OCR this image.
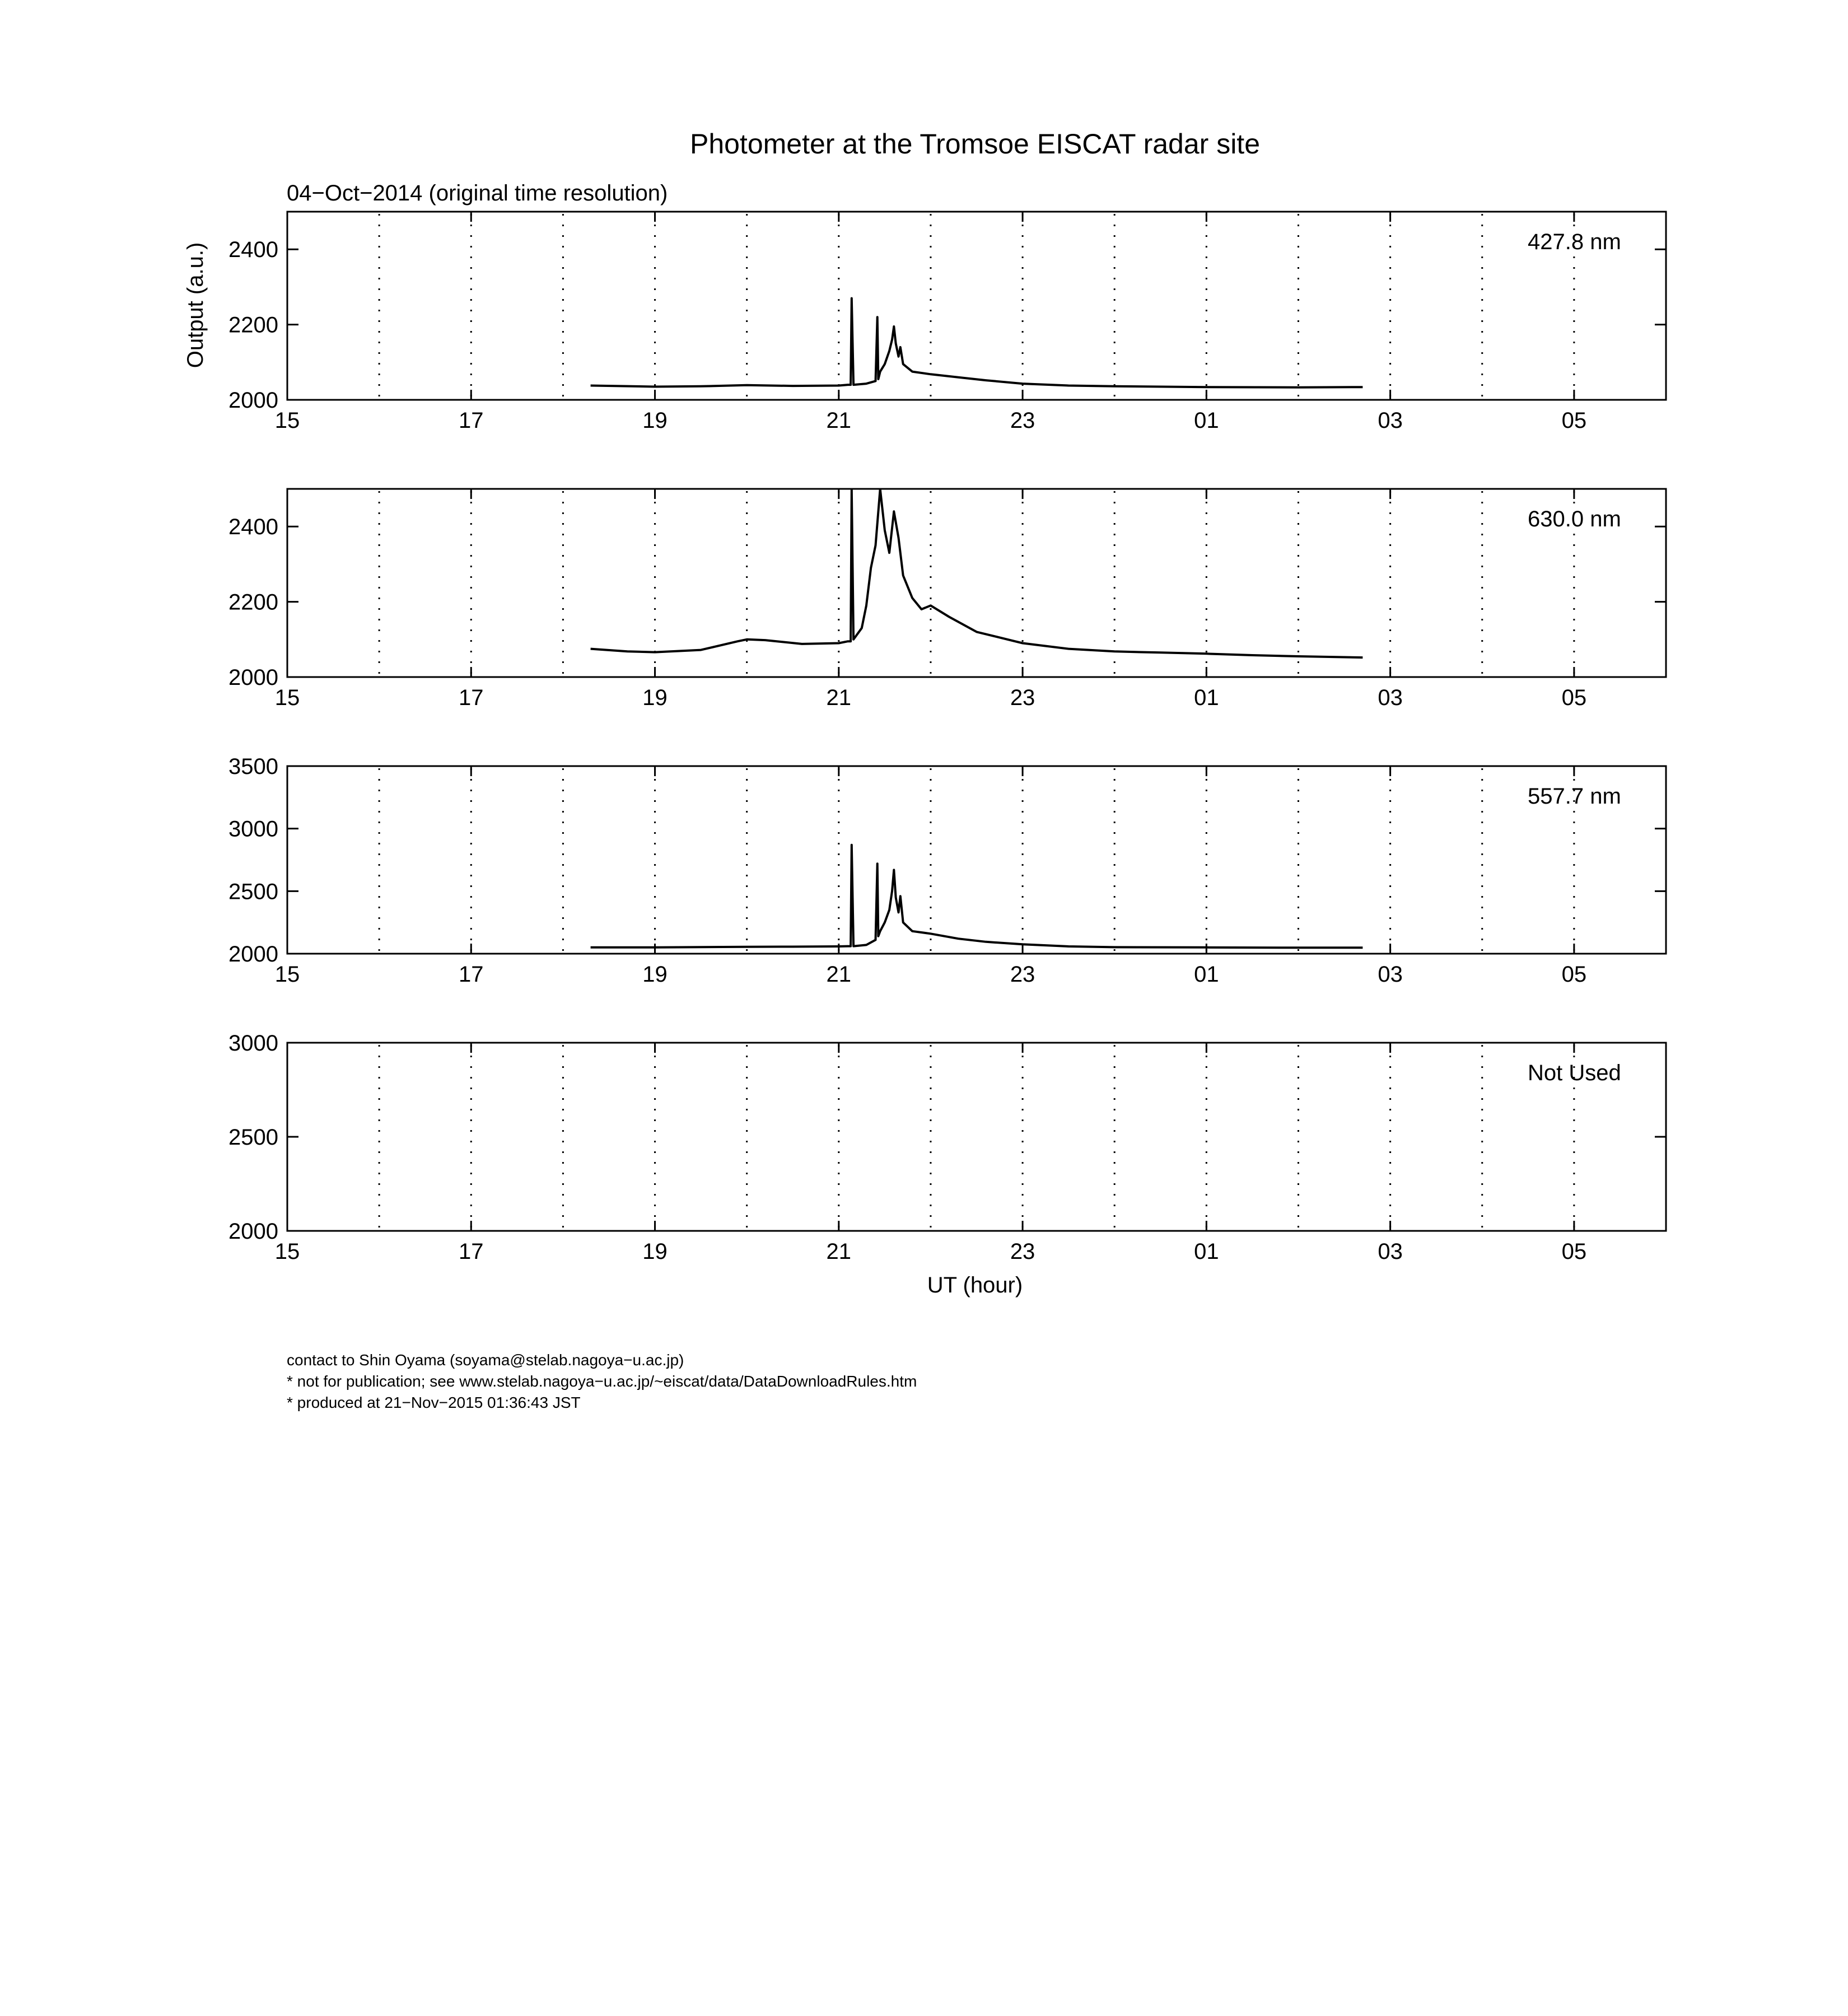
Photometer at the Tromsoe EISCAT radar site
04−Oct−2014 (original time resolution)
Output (a.u.)
UT (hour)
15	17	19	21	23	01	03	05
2000
2200
2400	427.8 nm
15	17	19	21	23	01	03	05
2000
2200
2400	630.0 nm
15	17	19	21	23	01	03	05
2000
2500
3000
3500
557.7 nm
15	17	19	21	23	01	03	05
2000
2500
3000
Not Used
contact to Shin Oyama (soyama@stelab.nagoya−u.ac.jp)
* not for publication; see www.stelab.nagoya−u.ac.jp/~eiscat/data/DataDownloadRules.htm
* produced at 21−Nov−2015 01:36:43 JST
